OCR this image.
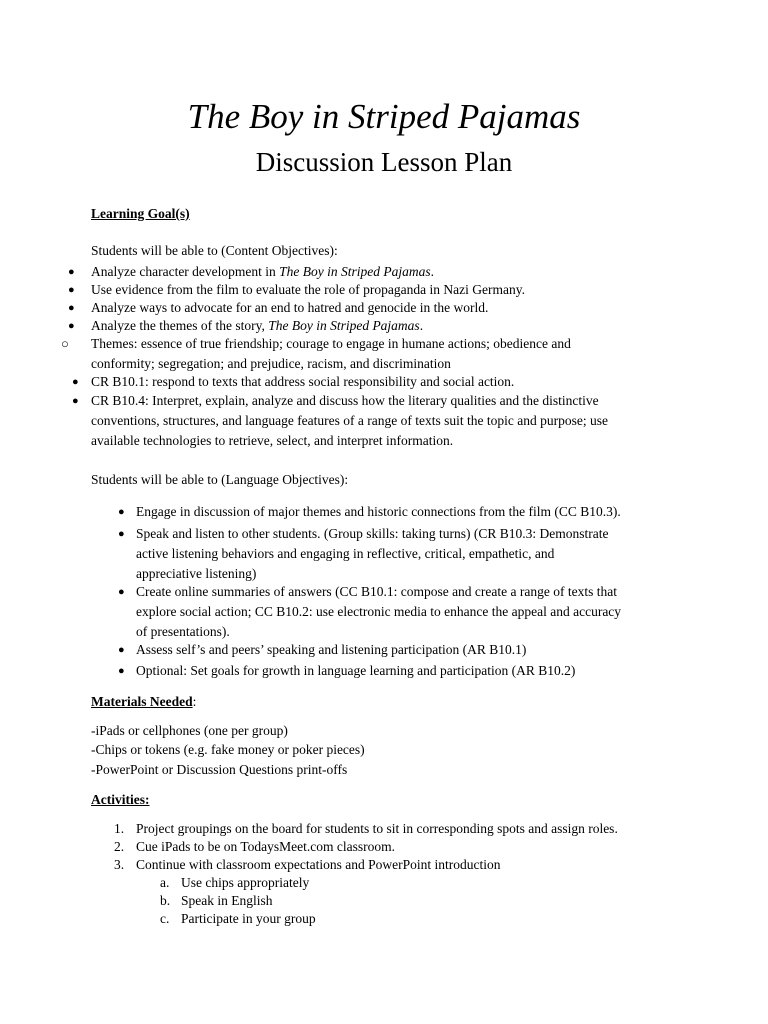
The Boy in Striped Pajamas
Discussion Lesson Plan
Learning Goal(s)
Students will be able to (Content Objectives):
● Analyze character development in The Boy in Striped Pajamas.
● Use evidence from the film to evaluate the role of propaganda in Nazi Germany.
● Analyze ways to advocate for an end to hatred and genocide in the world.
● Analyze the themes of the story, The Boy in Striped Pajamas.
○ Themes: essence of true friendship; courage to engage in humane actions; obedience and
conformity; segregation; and prejudice, racism, and discrimination
● CR B10.1: respond to texts that address social responsibility and social action.
● CR B10.4: Interpret, explain, analyze and discuss how the literary qualities and the distinctive
conventions, structures, and language features of a range of texts suit the topic and purpose; use
available technologies to retrieve, select, and interpret information.
Students will be able to (Language Objectives):
● Engage in discussion of major themes and historic connections from the film (CC B10.3).
● Speak and listen to other students. (Group skills: taking turns) (CR B10.3: Demonstrate
active listening behaviors and engaging in reflective, critical, empathetic, and
appreciative listening)
● Create online summaries of answers (CC B10.1: compose and create a range of texts that
explore social action; CC B10.2: use electronic media to enhance the appeal and accuracy
of presentations).
● Assess self’s and peers’ speaking and listening participation (AR B10.1)
● Optional: Set goals for growth in language learning and participation (AR B10.2)
Materials Needed:
-iPads or cellphones (one per group)
-Chips or tokens (e.g. fake money or poker pieces)
-PowerPoint or Discussion Questions print-offs
Activities:
1. Project groupings on the board for students to sit in corresponding spots and assign roles.
2. Cue iPads to be on TodaysMeet.com classroom.
3. Continue with classroom expectations and PowerPoint introduction
a. Use chips appropriately
b. Speak in English
c. Participate in your group
